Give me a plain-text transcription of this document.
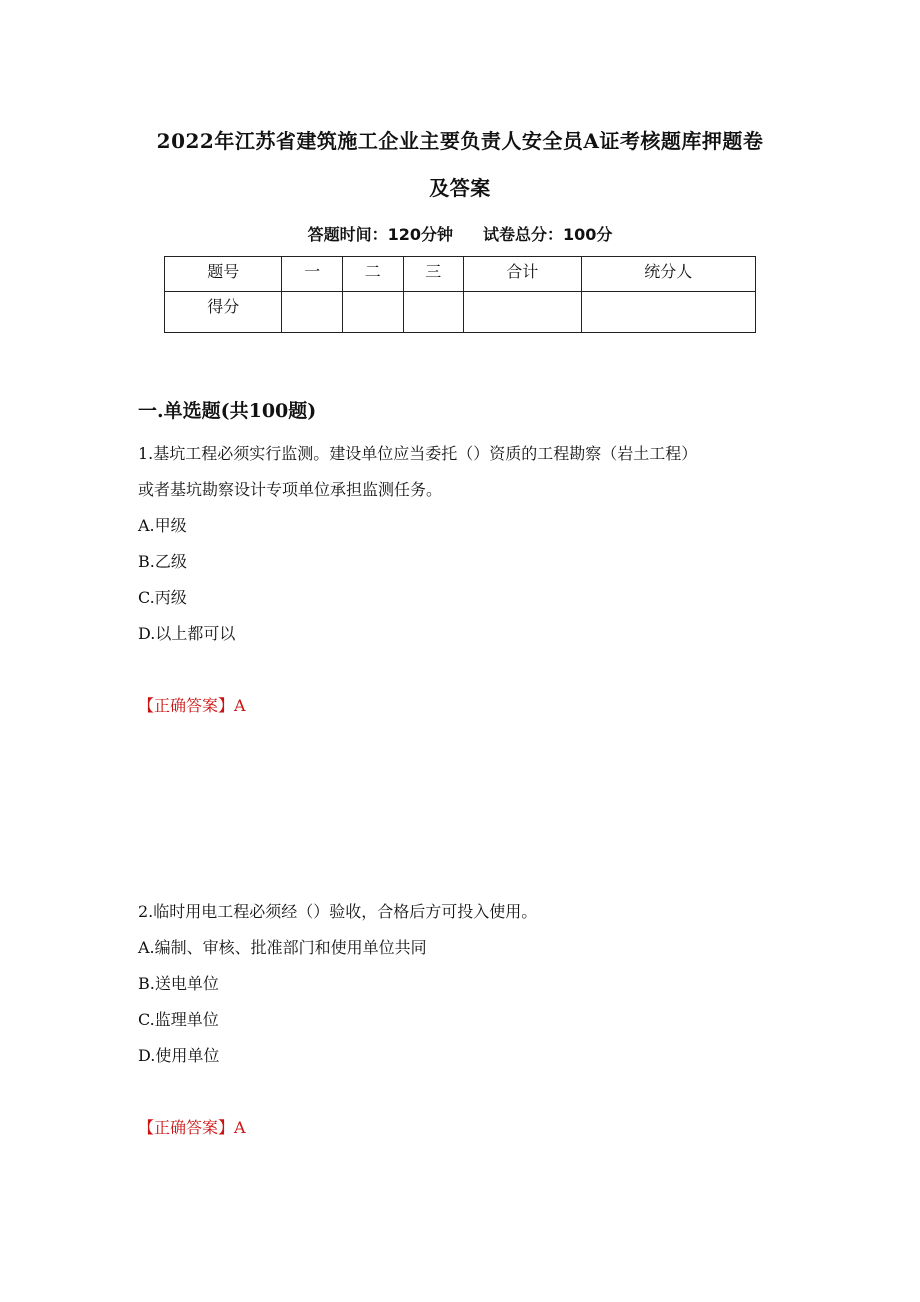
2022年江苏省建筑施工企业主要负责人安全员A证考核题库押题卷
及答案
答题时间：120分钟 试卷总分：100分
题号	一	二	三	合计	统分人
得分					
一.单选题(共100题)
1.基坑工程必须实行监测。建设单位应当委托（）资质的工程勘察（岩土工程）
或者基坑勘察设计专项单位承担监测任务。
A.甲级
B.乙级
C.丙级
D.以上都可以
【正确答案】A
2.临时用电工程必须经（）验收，合格后方可投入使用。
A.编制、审核、批准部门和使用单位共同
B.送电单位
C.监理单位
D.使用单位
【正确答案】A
